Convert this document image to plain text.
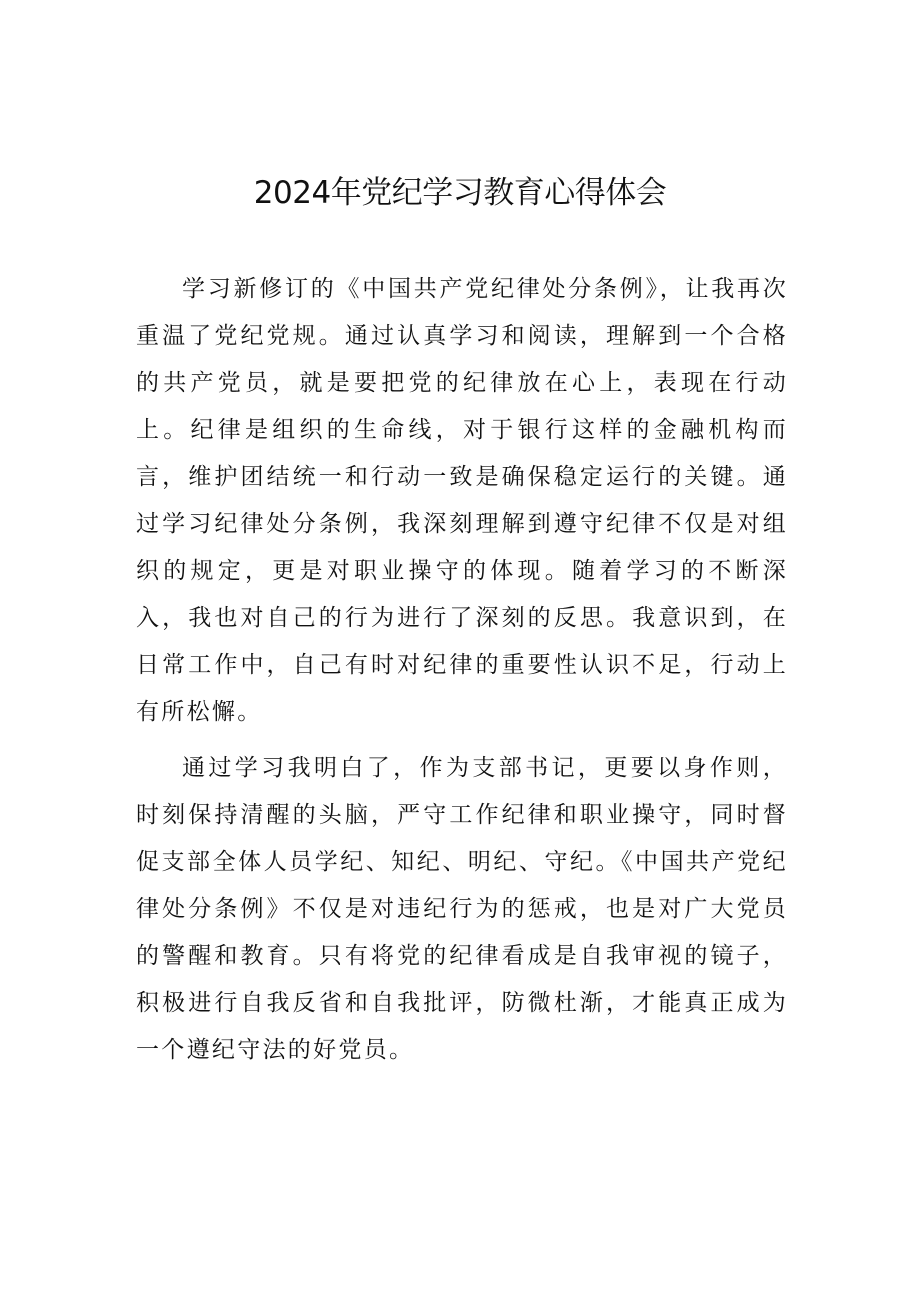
2024年党纪学习教育心得体会

学习新修订的《中国共产党纪律处分条例》，让我再次重温了党纪党规。通过认真学习和阅读，理解到一个合格的共产党员，就是要把党的纪律放在心上，表现在行动上。纪律是组织的生命线，对于银行这样的金融机构而言，维护团结统一和行动一致是确保稳定运行的关键。通过学习纪律处分条例，我深刻理解到遵守纪律不仅是对组织的规定，更是对职业操守的体现。随着学习的不断深入，我也对自己的行为进行了深刻的反思。我意识到，在日常工作中，自己有时对纪律的重要性认识不足，行动上有所松懈。

通过学习我明白了，作为支部书记，更要以身作则，时刻保持清醒的头脑，严守工作纪律和职业操守，同时督促支部全体人员学纪、知纪、明纪、守纪。《中国共产党纪律处分条例》不仅是对违纪行为的惩戒，也是对广大党员的警醒和教育。只有将党的纪律看成是自我审视的镜子，积极进行自我反省和自我批评，防微杜渐，才能真正成为一个遵纪守法的好党员。
